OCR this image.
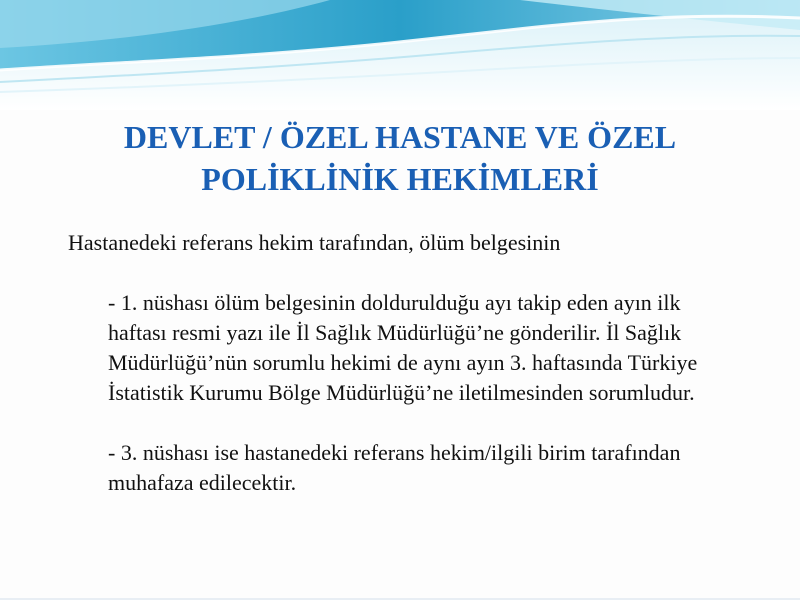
DEVLET / ÖZEL HASTANE VE ÖZEL
POLİKLİNİK HEKİMLERİ

Hastanedeki referans hekim tarafından, ölüm belgesinin

- 1. nüshası ölüm belgesinin doldurulduğu ayı takip eden ayın ilk haftası resmi yazı ile İl Sağlık Müdürlüğü’ne gönderilir. İl Sağlık Müdürlüğü’nün sorumlu hekimi de aynı ayın 3. haftasında Türkiye İstatistik Kurumu Bölge Müdürlüğü’ne iletilmesinden sorumludur.

- 3. nüshası ise hastanedeki referans hekim/ilgili birim tarafından muhafaza edilecektir.
